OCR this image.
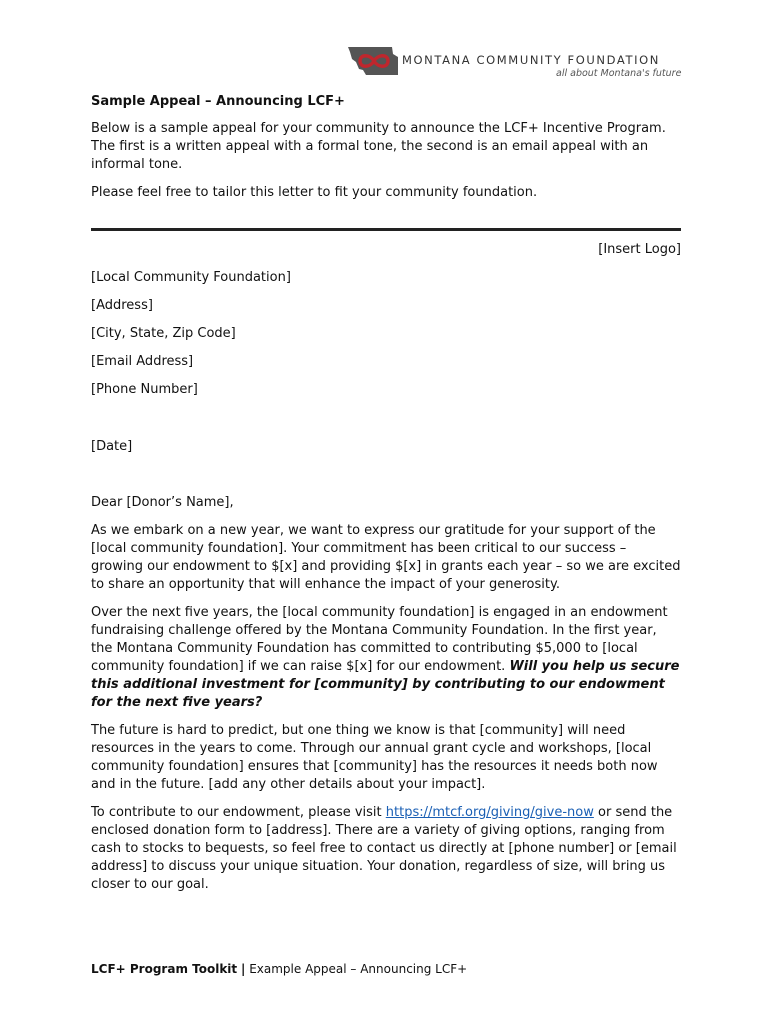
MONTANA COMMUNITY FOUNDATION
all about Montana's future

Sample Appeal – Announcing LCF+

Below is a sample appeal for your community to announce the LCF+ Incentive Program. The first is a written appeal with a formal tone, the second is an email appeal with an informal tone.

Please feel free to tailor this letter to fit your community foundation.

[Insert Logo]
[Local Community Foundation]
[Address]
[City, State, Zip Code]
[Email Address]
[Phone Number]
[Date]
Dear [Donor’s Name],

As we embark on a new year, we want to express our gratitude for your support of the [local community foundation]. Your commitment has been critical to our success – growing our endowment to $[x] and providing $[x] in grants each year – so we are excited to share an opportunity that will enhance the impact of your generosity.

Over the next five years, the [local community foundation] is engaged in an endowment fundraising challenge offered by the Montana Community Foundation. In the first year, the Montana Community Foundation has committed to contributing $5,000 to [local community foundation] if we can raise $[x] for our endowment. Will you help us secure this additional investment for [community] by contributing to our endowment for the next five years?

The future is hard to predict, but one thing we know is that [community] will need resources in the years to come. Through our annual grant cycle and workshops, [local community foundation] ensures that [community] has the resources it needs both now and in the future. [add any other details about your impact].

To contribute to our endowment, please visit https://mtcf.org/giving/give-now or send the enclosed donation form to [address]. There are a variety of giving options, ranging from cash to stocks to bequests, so feel free to contact us directly at [phone number] or [email address] to discuss your unique situation. Your donation, regardless of size, will bring us closer to our goal.

LCF+ Program Toolkit | Example Appeal – Announcing LCF+
